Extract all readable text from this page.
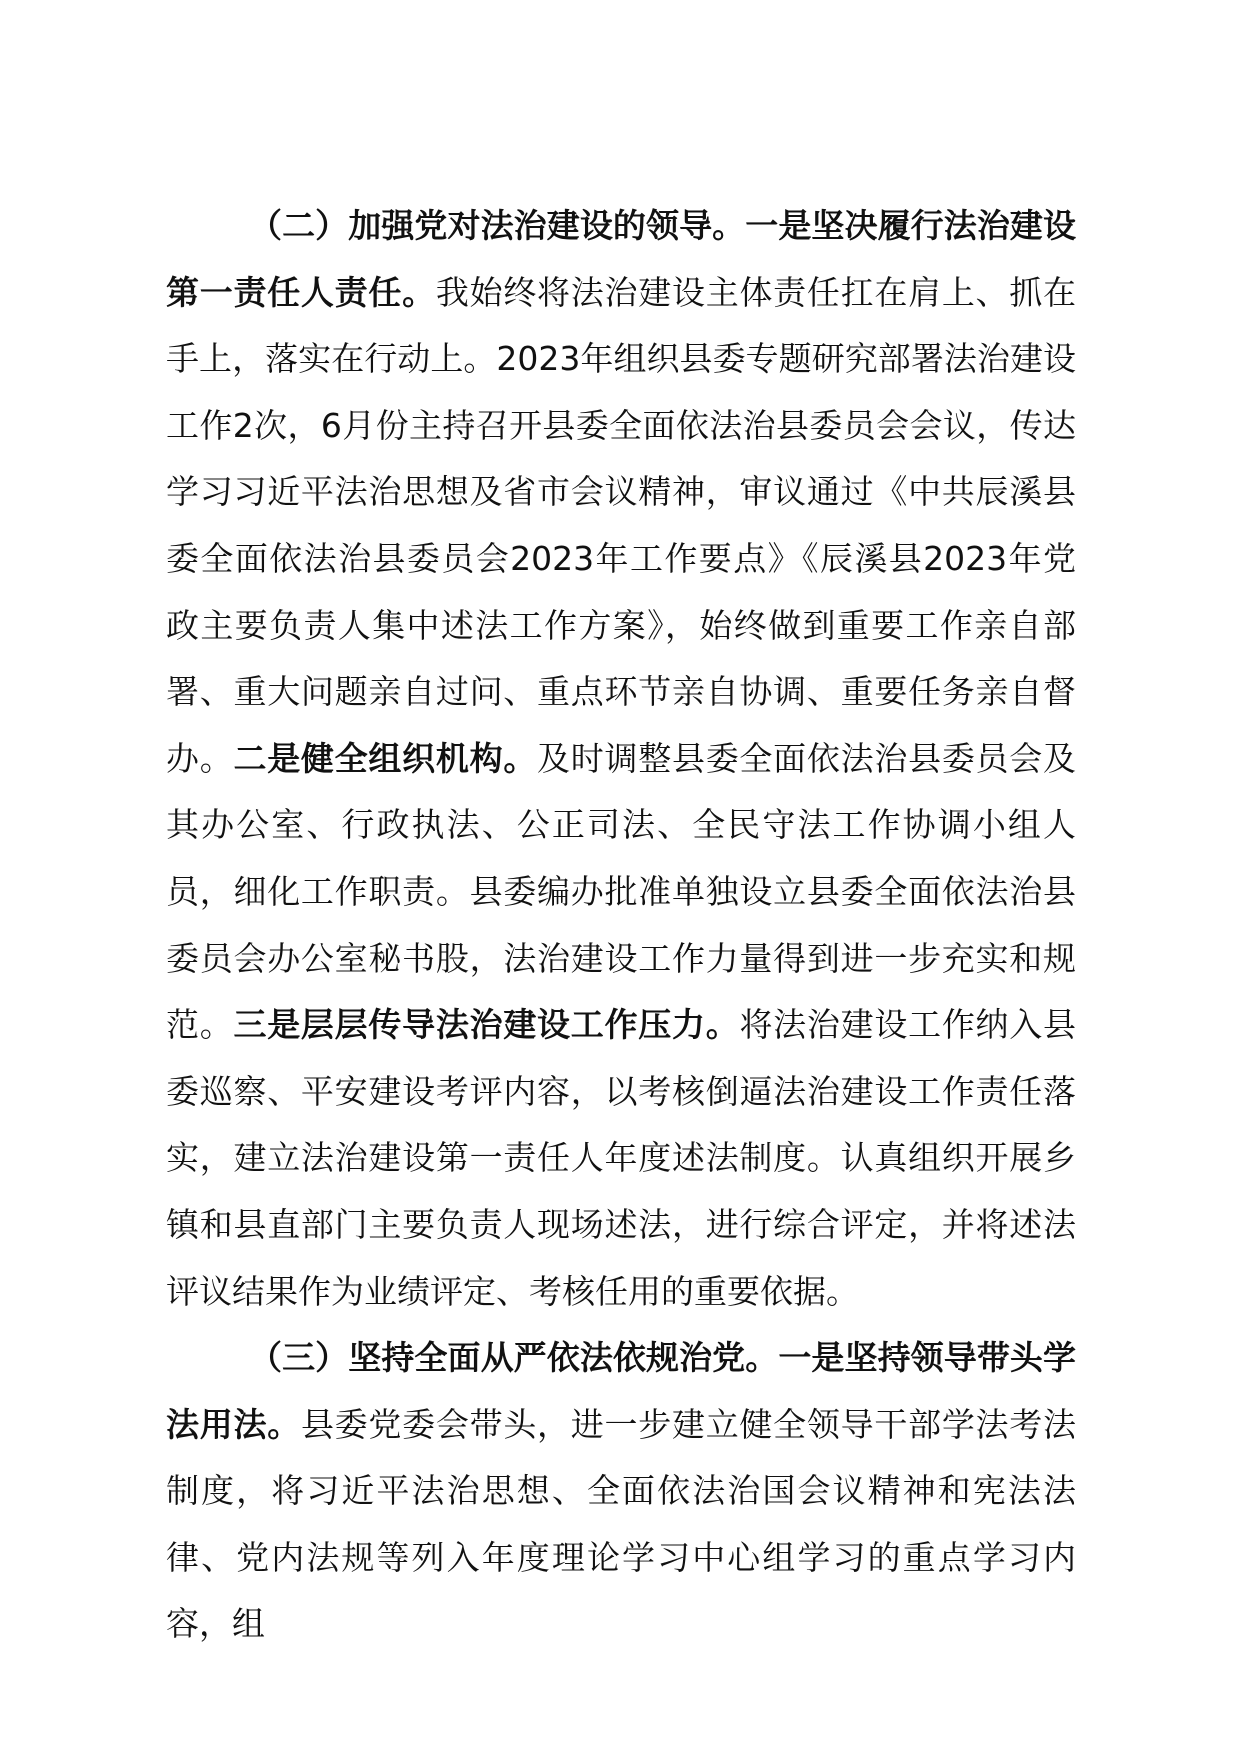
（二）加强党对法治建设的领导。一是坚决履行法治建设第一责任人责任。我始终将法治建设主体责任扛在肩上、抓在手上，落实在行动上。2023年组织县委专题研究部署法治建设工作2次，6月份主持召开县委全面依法治县委员会会议，传达学习习近平法治思想及省市会议精神，审议通过《中共辰溪县委全面依法治县委员会2023年工作要点》《辰溪县2023年党政主要负责人集中述法工作方案》，始终做到重要工作亲自部署、重大问题亲自过问、重点环节亲自协调、重要任务亲自督办。二是健全组织机构。及时调整县委全面依法治县委员会及其办公室、行政执法、公正司法、全民守法工作协调小组人员，细化工作职责。县委编办批准单独设立县委全面依法治县委员会办公室秘书股，法治建设工作力量得到进一步充实和规范。三是层层传导法治建设工作压力。将法治建设工作纳入县委巡察、平安建设考评内容，以考核倒逼法治建设工作责任落实，建立法治建设第一责任人年度述法制度。认真组织开展乡镇和县直部门主要负责人现场述法，进行综合评定，并将述法评议结果作为业绩评定、考核任用的重要依据。

（三）坚持全面从严依法依规治党。一是坚持领导带头学法用法。县委党委会带头，进一步建立健全领导干部学法考法制度，将习近平法治思想、全面依法治国会议精神和宪法法律、党内法规等列入年度理论学习中心组学习的重点学习内容，组
